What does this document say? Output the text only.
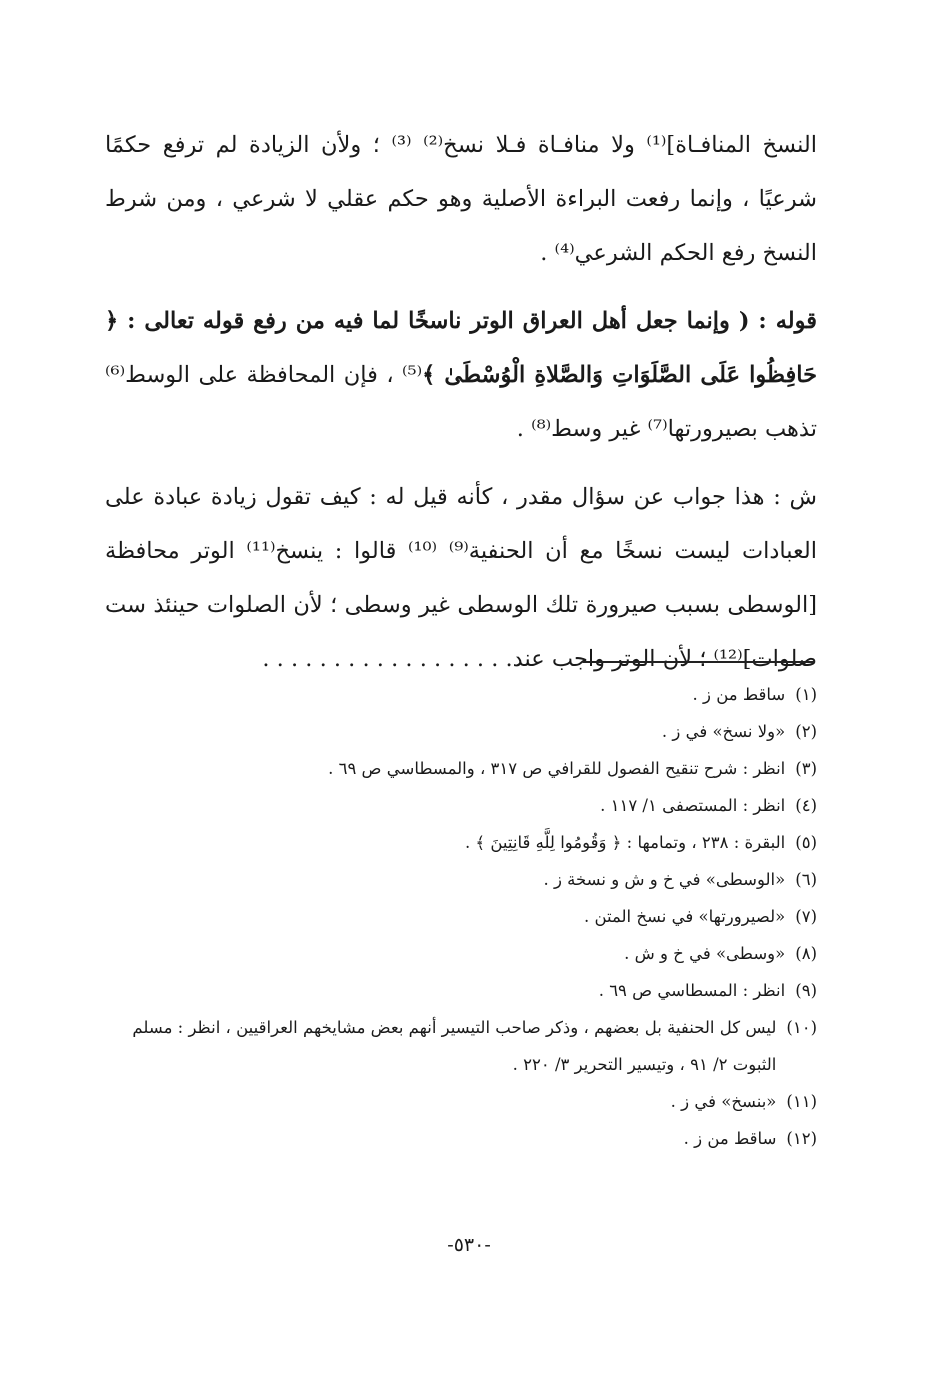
النسخ المنافـاة]⁽¹⁾ ولا منافـاة فـلا نسخ⁽²⁾ ⁽³⁾ ؛ ولأن الزيادة لم ترفع حكمًا شرعيًا ، وإنما رفعت البراءة الأصلية وهو حكم عقلي لا شرعي ، ومن شرط النسخ رفع الحكم الشرعي⁽⁴⁾ .

قوله : ( وإنما جعل أهل العراق الوتر ناسخًا لما فيه من رفع قوله تعالى : ﴿ حَافِظُوا عَلَى الصَّلَوَاتِ وَالصَّلاةِ الْوُسْطَىٰ ﴾⁽⁵⁾ ، فإن المحافظة على الوسط⁽⁶⁾ تذهب بصيرورتها⁽⁷⁾ غير وسط⁽⁸⁾ .

ش : هذا جواب عن سؤال مقدر ، كأنه قيل له : كيف تقول زيادة عبادة على العبادات ليست نسخًا مع أن الحنفية⁽⁹⁾ ⁽¹⁰⁾ قالوا : ينسخ⁽¹¹⁾ الوتر محافظة [الوسطى بسبب صيرورة تلك الوسطى غير وسطى ؛ لأن الصلوات حينئذ ست صلوات]⁽¹²⁾ ؛ لأن الوتر واجب عند. . . . . . . . . . . . . . . . . .

(١)
ساقط من ز .
(٢)
«ولا نسخ» في ز .
(٣)
انظر : شرح تنقيح الفصول للقرافي ص ٣١٧ ، والمسطاسي ص ٦٩ .
(٤)
انظر : المستصفى ١/ ١١٧ .
(٥)
البقرة : ٢٣٨ ، وتمامها : ﴿ وَقُومُوا لِلَّهِ قَانِتِينَ ﴾ .
(٦)
«الوسطى» في خ و ش و نسخة ز .
(٧)
«لصيرورتها» في نسخ المتن .
(٨)
«وسطى» في خ و ش .
(٩)
انظر : المسطاسي ص ٦٩ .
(١٠)
ليس كل الحنفية بل بعضهم ، وذكر صاحب التيسير أنهم بعض مشايخهم العراقيين ، انظر : مسلم الثبوت ٢/ ٩١ ، وتيسير التحرير ٣/ ٢٢٠ .
(١١)
«بنسخ» في ز .
(١٢)
ساقط من ز .
-٥٣٠-
